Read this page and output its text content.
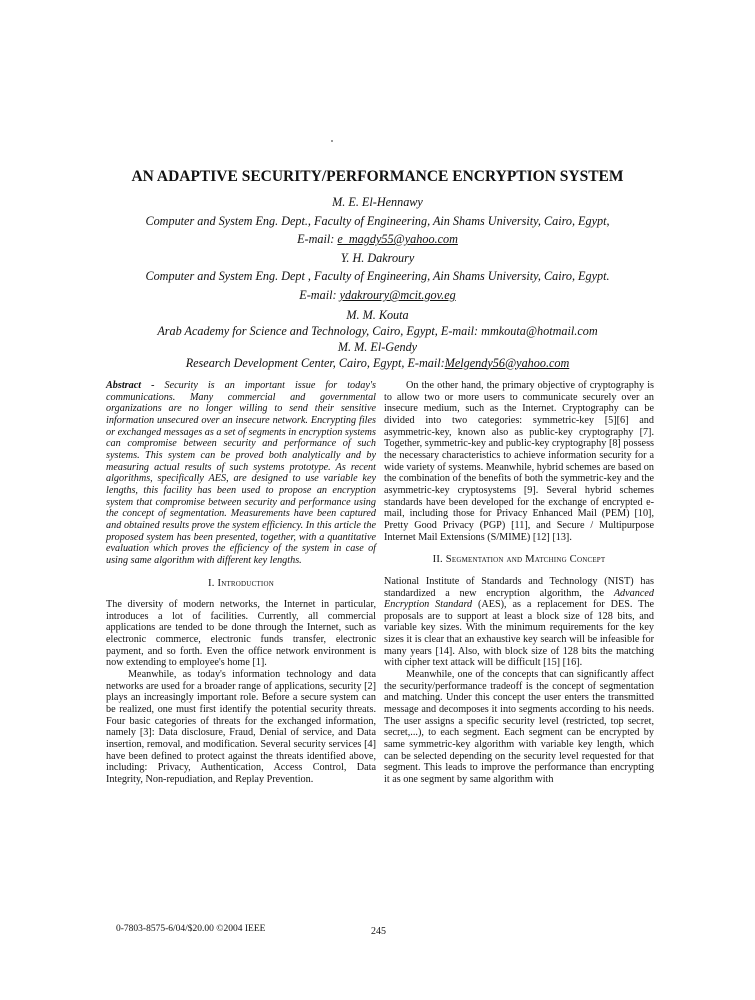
AN ADAPTIVE SECURITY/PERFORMANCE ENCRYPTION SYSTEM
M. E. El-Hennawy
Computer and System Eng. Dept., Faculty of Engineering, Ain Shams University, Cairo, Egypt,
E-mail: e_magdy55@yahoo.com
Y. H. Dakroury
Computer and System Eng. Dept , Faculty of Engineering, Ain Shams University, Cairo, Egypt.
E-mail: ydakroury@mcit.gov.eg
M. M. Kouta
Arab Academy for Science and Technology, Cairo, Egypt, E-mail: mmkouta@hotmail.com
M. M. El-Gendy
Research Development Center, Cairo, Egypt, E-mail:Melgendy56@yahoo.com

Abstract - Security is an important issue for today's communications. Many commercial and governmental organizations are no longer willing to send their sensitive information unsecured over an insecure network. Encrypting files or exchanged messages as a set of segments in encryption systems can compromise between security and performance of such systems. This system can be proved both analytically and by measuring actual results of such systems prototype. As recent algorithms, specifically AES, are designed to use variable key lengths, this facility has been used to propose an encryption system that compromise between security and performance using the concept of segmentation. Measurements have been captured and obtained results prove the system efficiency. In this article the proposed system has been presented, together, with a quantitative evaluation which proves the efficiency of the system in case of using same algorithm with different key lengths.

I. Introduction

The diversity of modern networks, the Internet in particular, introduces a lot of facilities. Currently, all commercial applications are tended to be done through the Internet, such as electronic commerce, electronic funds transfer, electronic payment, and so forth. Even the office network environment is now extending to employee's home [1].

Meanwhile, as today's information technology and data networks are used for a broader range of applications, security [2] plays an increasingly important role. Before a secure system can be realized, one must first identify the potential security threats. Four basic categories of threats for the exchanged information, namely [3]: Data disclosure, Fraud, Denial of service, and Data insertion, removal, and modification. Several security services [4] have been defined to protect against the threats identified above, including: Privacy, Authentication, Access Control, Data Integrity, Non-repudiation, and Replay Prevention.

On the other hand, the primary objective of cryptography is to allow two or more users to communicate securely over an insecure medium, such as the Internet. Cryptography can be divided into two categories: symmetric-key [5][6] and asymmetric-key, known also as public-key cryptography [7]. Together, symmetric-key and public-key cryptography [8] possess the necessary characteristics to achieve information security for a wide variety of systems. Meanwhile, hybrid schemes are based on the combination of the benefits of both the symmetric-key and the asymmetric-key cryptosystems [9]. Several hybrid schemes standards have been developed for the exchange of encrypted e-mail, including those for Privacy Enhanced Mail (PEM) [10], Pretty Good Privacy (PGP) [11], and Secure / Multipurpose Internet Mail Extensions (S/MIME) [12] [13].

II. Segmentation and Matching Concept

National Institute of Standards and Technology (NIST) has standardized a new encryption algorithm, the Advanced Encryption Standard (AES), as a replacement for DES. The proposals are to support at least a block size of 128 bits, and variable key sizes. With the minimum requirements for the key sizes it is clear that an exhaustive key search will be infeasible for many years [14]. Also, with block size of 128 bits the matching with cipher text attack will be difficult [15] [16].

Meanwhile, one of the concepts that can significantly affect the security/performance tradeoff is the concept of segmentation and matching. Under this concept the user enters the transmitted message and decomposes it into segments according to his needs. The user assigns a specific security level (restricted, top secret, secret,...), to each segment. Each segment can be encrypted by same symmetric-key algorithm with variable key length, which can be selected depending on the security level requested for that segment. This leads to improve the performance than encrypting it as one segment by same algorithm with

0-7803-8575-6/04/$20.00 ©2004 IEEE	245
